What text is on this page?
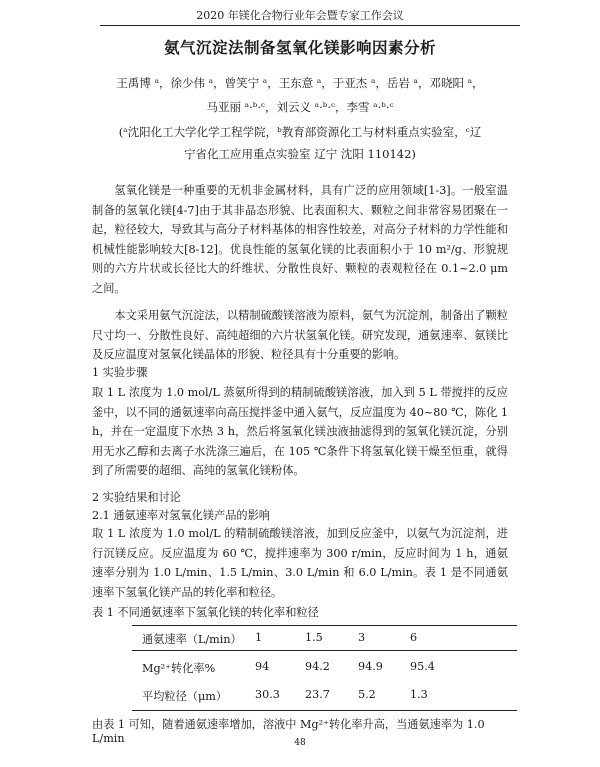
2020 年镁化合物行业年会暨专家工作会议
氨气沉淀法制备氢氧化镁影响因素分析
王禹博 ᵃ，徐少伟 ᵃ，曾笑宁 ᵃ，王东意 ᵃ，于亚杰 ᵃ，岳岩 ᵃ，邓晓阳 ᵃ，
马亚丽 ᵃ·ᵇ·ᶜ，刘云义 ᵃ·ᵇ·ᶜ，李雪 ᵃ·ᵇ·ᶜ
(ᵃ沈阳化工大学化学工程学院，ᵇ教育部资源化工与材料重点实验室，ᶜ辽
宁省化工应用重点实验室 辽宁 沈阳 110142)

氢氧化镁是一种重要的无机非金属材料，具有广泛的应用领域[1-3]。一般室温制备的氢氧化镁[4-7]由于其非晶态形貌、比表面积大、颗粒之间非常容易团聚在一起，粒径较大，导致其与高分子材料基体的相容性较差，对高分子材料的力学性能和机械性能影响较大[8-12]。优良性能的氢氧化镁的比表面积小于 10 m²/g、形貌规则的六方片状或长径比大的纤维状、分散性良好、颗粒的表观粒径在 0.1~2.0 μm 之间。

本文采用氨气沉淀法，以精制硫酸镁溶液为原料，氨气为沉淀剂，制备出了颗粒尺寸均一、分散性良好、高纯超细的六片状氢氧化镁。研究发现，通氨速率、氨镁比及反应温度对氢氧化镁晶体的形貌、粒径具有十分重要的影响。

1 实验步骤

取 1 L 浓度为 1.0 mol/L 蒸氨所得到的精制硫酸镁溶液，加入到 5 L 带搅拌的反应釜中，以不同的通氨速率向高压搅拌釜中通入氨气，反应温度为 40~80 ℃，陈化 1 h，并在一定温度下水热 3 h，然后将氢氧化镁浊液抽滤得到的氢氧化镁沉淀，分别用无水乙醇和去离子水洗涤三遍后，在 105 ℃条件下将氢氧化镁干燥至恒重，就得到了所需要的超细、高纯的氢氧化镁粉体。

2 实验结果和讨论
2.1 通氨速率对氢氧化镁产品的影响

取 1 L 浓度为 1.0 mol/L 的精制硫酸镁溶液，加到反应釜中，以氨气为沉淀剂，进行沉镁反应。反应温度为 60 ℃，搅拌速率为 300 r/min，反应时间为 1 h，通氨速率分别为 1.0 L/min、1.5 L/min、3.0 L/min 和 6.0 L/min。表 1 是不同通氨速率下氢氧化镁产品的转化率和粒径。

表 1 不同通氨速率下氢氧化镁的转化率和粒径
通氨速率（L/min） 1	1.5	3	6
Mg²⁺转化率%	94	94.2	94.9 95.4
平均粒径（μm） 30.3 23.7	5.2	1.3
由表 1 可知，随着通氨速率增加，溶液中 Mg²⁺转化率升高，当通氨速率为 1.0 L/min	48
